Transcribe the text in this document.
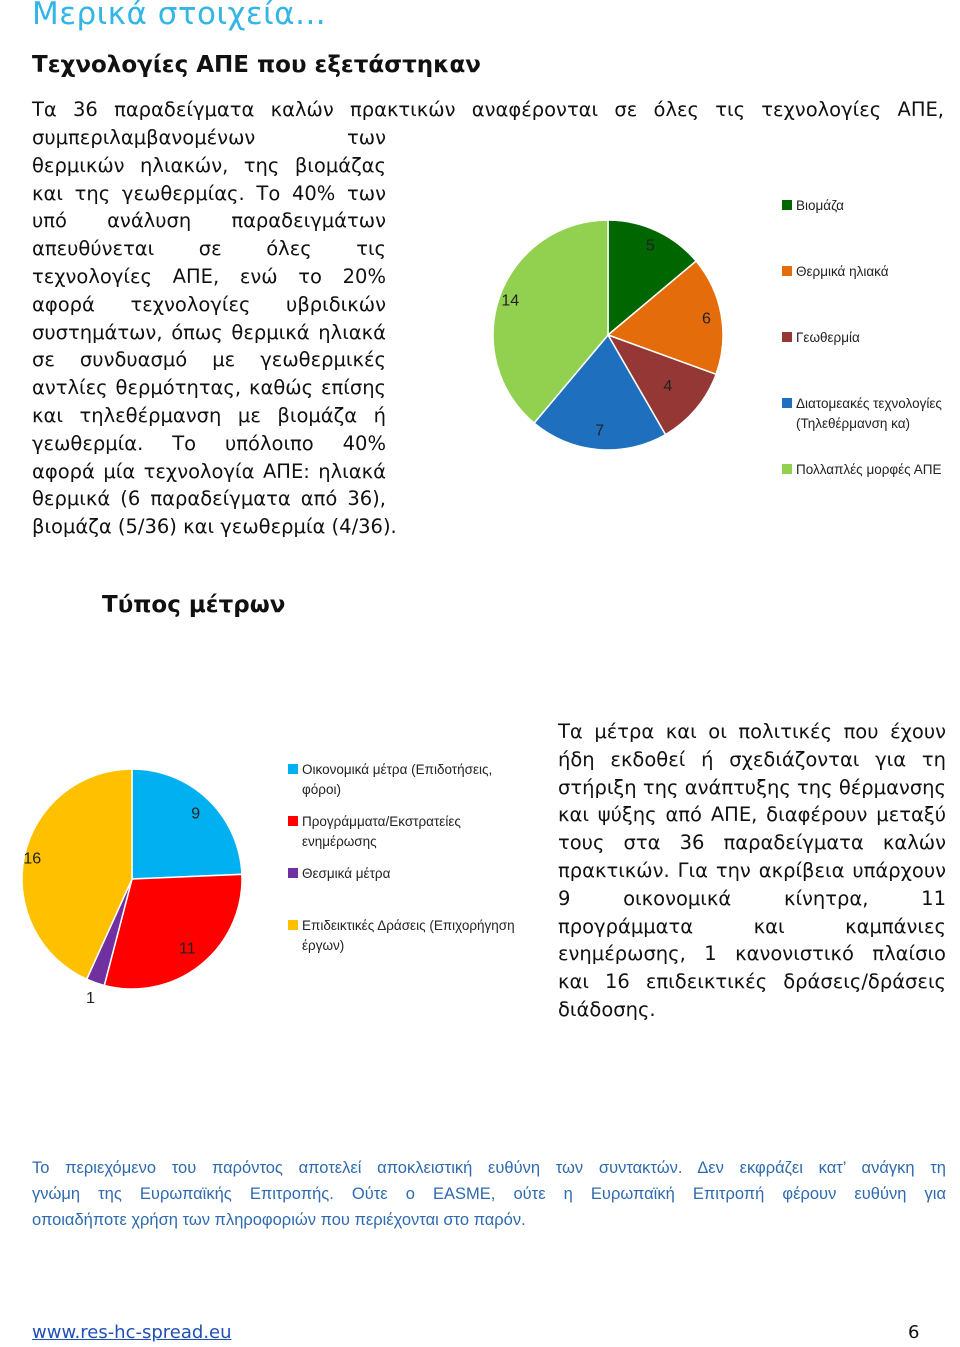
Μερικά στοιχεία...
Τεχνολογίες ΑΠΕ που εξετάστηκαν
Τα 36 παραδείγματα καλών πρακτικών αναφέρονται σε όλες τις τεχνολογίες ΑΠΕ,
συμπεριλαμβανομένων των
θερμικών ηλιακών, της βιομάζας
και της γεωθερμίας. Το 40% των
υπό ανάλυση παραδειγμάτων
απευθύνεται σε όλες τις
τεχνολογίες ΑΠΕ, ενώ το 20%
αφορά τεχνολογίες υβριδικών
συστημάτων, όπως θερμικά ηλιακά
σε συνδυασμό με γεωθερμικές
αντλίες θερμότητας, καθώς επίσης
και τηλεθέρμανση με βιομάζα ή
γεωθερμία. Το υπόλοιπο 40%
αφορά μία τεχνολογία ΑΠΕ: ηλιακά
θερμικά (6 παραδείγματα από 36),
βιομάζα (5/36) και γεωθερμία (4/36).
5
6
4
7
14
Βιομάζα
Θερμικά ηλιακά
Γεωθερμία
Διατομεακές τεχνολογίες
(Τηλεθέρμανση κα)
Πολλαπλές μορφές ΑΠΕ
Τύπος μέτρων
9
11
1
16
Οικονομικά μέτρα (Επιδοτήσεις,
φόροι)
Προγράμματα/Εκστρατείες
ενημέρωσης
Θεσμικά μέτρα
Επιδεικτικές Δράσεις (Επιχορήγηση
έργων)
Τα μέτρα και οι πολιτικές που έχουν
ήδη εκδοθεί ή σχεδιάζονται για τη
στήριξη της ανάπτυξης της θέρμανσης
και ψύξης από ΑΠΕ, διαφέρουν μεταξύ
τους στα 36 παραδείγματα καλών
πρακτικών. Για την ακρίβεια υπάρχουν
9 οικονομικά κίνητρα, 11
προγράμματα και καμπάνιες
ενημέρωσης, 1 κανονιστικό πλαίσιο
και 16 επιδεικτικές δράσεις/δράσεις
διάδοσης.
Το περιεχόμενο του παρόντος αποτελεί αποκλειστική ευθύνη των συντακτών. Δεν εκφράζει κατ’ ανάγκη τη
γνώμη της Ευρωπαϊκής Επιτροπής. Ούτε ο EASME, ούτε η Ευρωπαϊκή Επιτροπή φέρουν ευθύνη για
οποιαδήποτε χρήση των πληροφοριών που περιέχονται στο παρόν.
www.res-hc-spread.eu	6
